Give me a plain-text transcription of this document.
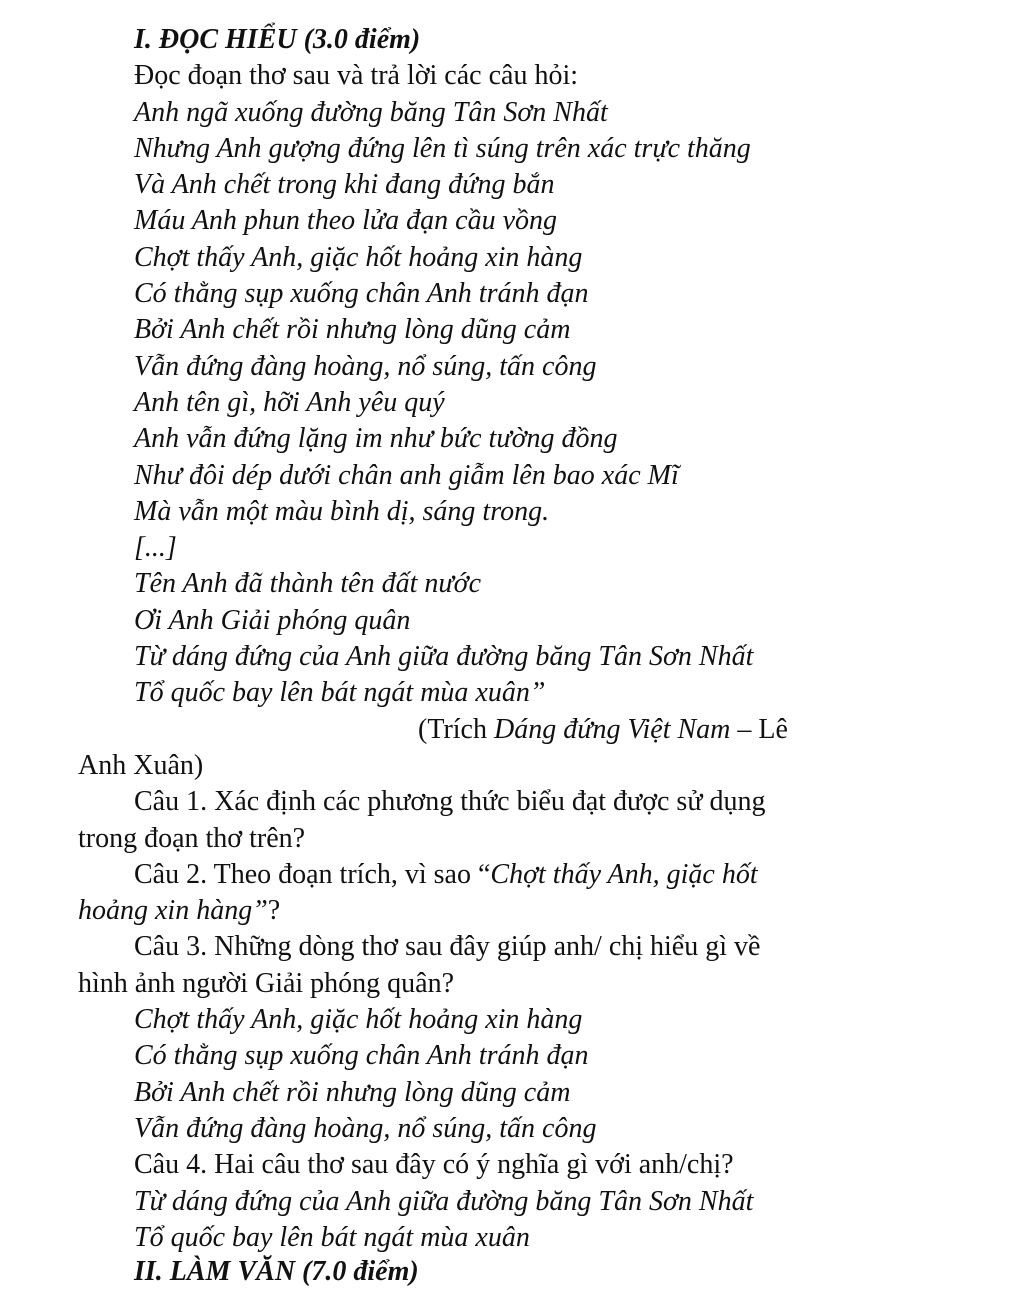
I. ĐỌC HIỂU (3.0 điểm)
Đọc đoạn thơ sau và trả lời các câu hỏi:
Anh ngã xuống đường băng Tân Sơn Nhất
Nhưng Anh gượng đứng lên tì súng trên xác trực thăng
Và Anh chết trong khi đang đứng bắn
Máu Anh phun theo lửa đạn cầu vồng
Chợt thấy Anh, giặc hốt hoảng xin hàng
Có thằng sụp xuống chân Anh tránh đạn
Bởi Anh chết rồi nhưng lòng dũng cảm
Vẫn đứng đàng hoàng, nổ súng, tấn công
Anh tên gì, hỡi Anh yêu quý
Anh vẫn đứng lặng im như bức tường đồng
Như đôi dép dưới chân anh giẫm lên bao xác Mĩ
Mà vẫn một màu bình dị, sáng trong.
[...]
Tên Anh đã thành tên đất nước
Ơi Anh Giải phóng quân
Từ dáng đứng của Anh giữa đường băng Tân Sơn Nhất
Tổ quốc bay lên bát ngát mùa xuân”
(Trích Dáng đứng Việt Nam – Lê
Anh Xuân)
Câu 1. Xác định các phương thức biểu đạt được sử dụng
trong đoạn thơ trên?
Câu 2. Theo đoạn trích, vì sao “Chợt thấy Anh, giặc hốt
hoảng xin hàng”?
Câu 3. Những dòng thơ sau đây giúp anh/ chị hiểu gì về
hình ảnh người Giải phóng quân?
Chợt thấy Anh, giặc hốt hoảng xin hàng
Có thằng sụp xuống chân Anh tránh đạn
Bởi Anh chết rồi nhưng lòng dũng cảm
Vẫn đứng đàng hoàng, nổ súng, tấn công
Câu 4. Hai câu thơ sau đây có ý nghĩa gì với anh/chị?
Từ dáng đứng của Anh giữa đường băng Tân Sơn Nhất
Tổ quốc bay lên bát ngát mùa xuân
II. LÀM VĂN (7.0 điểm)
